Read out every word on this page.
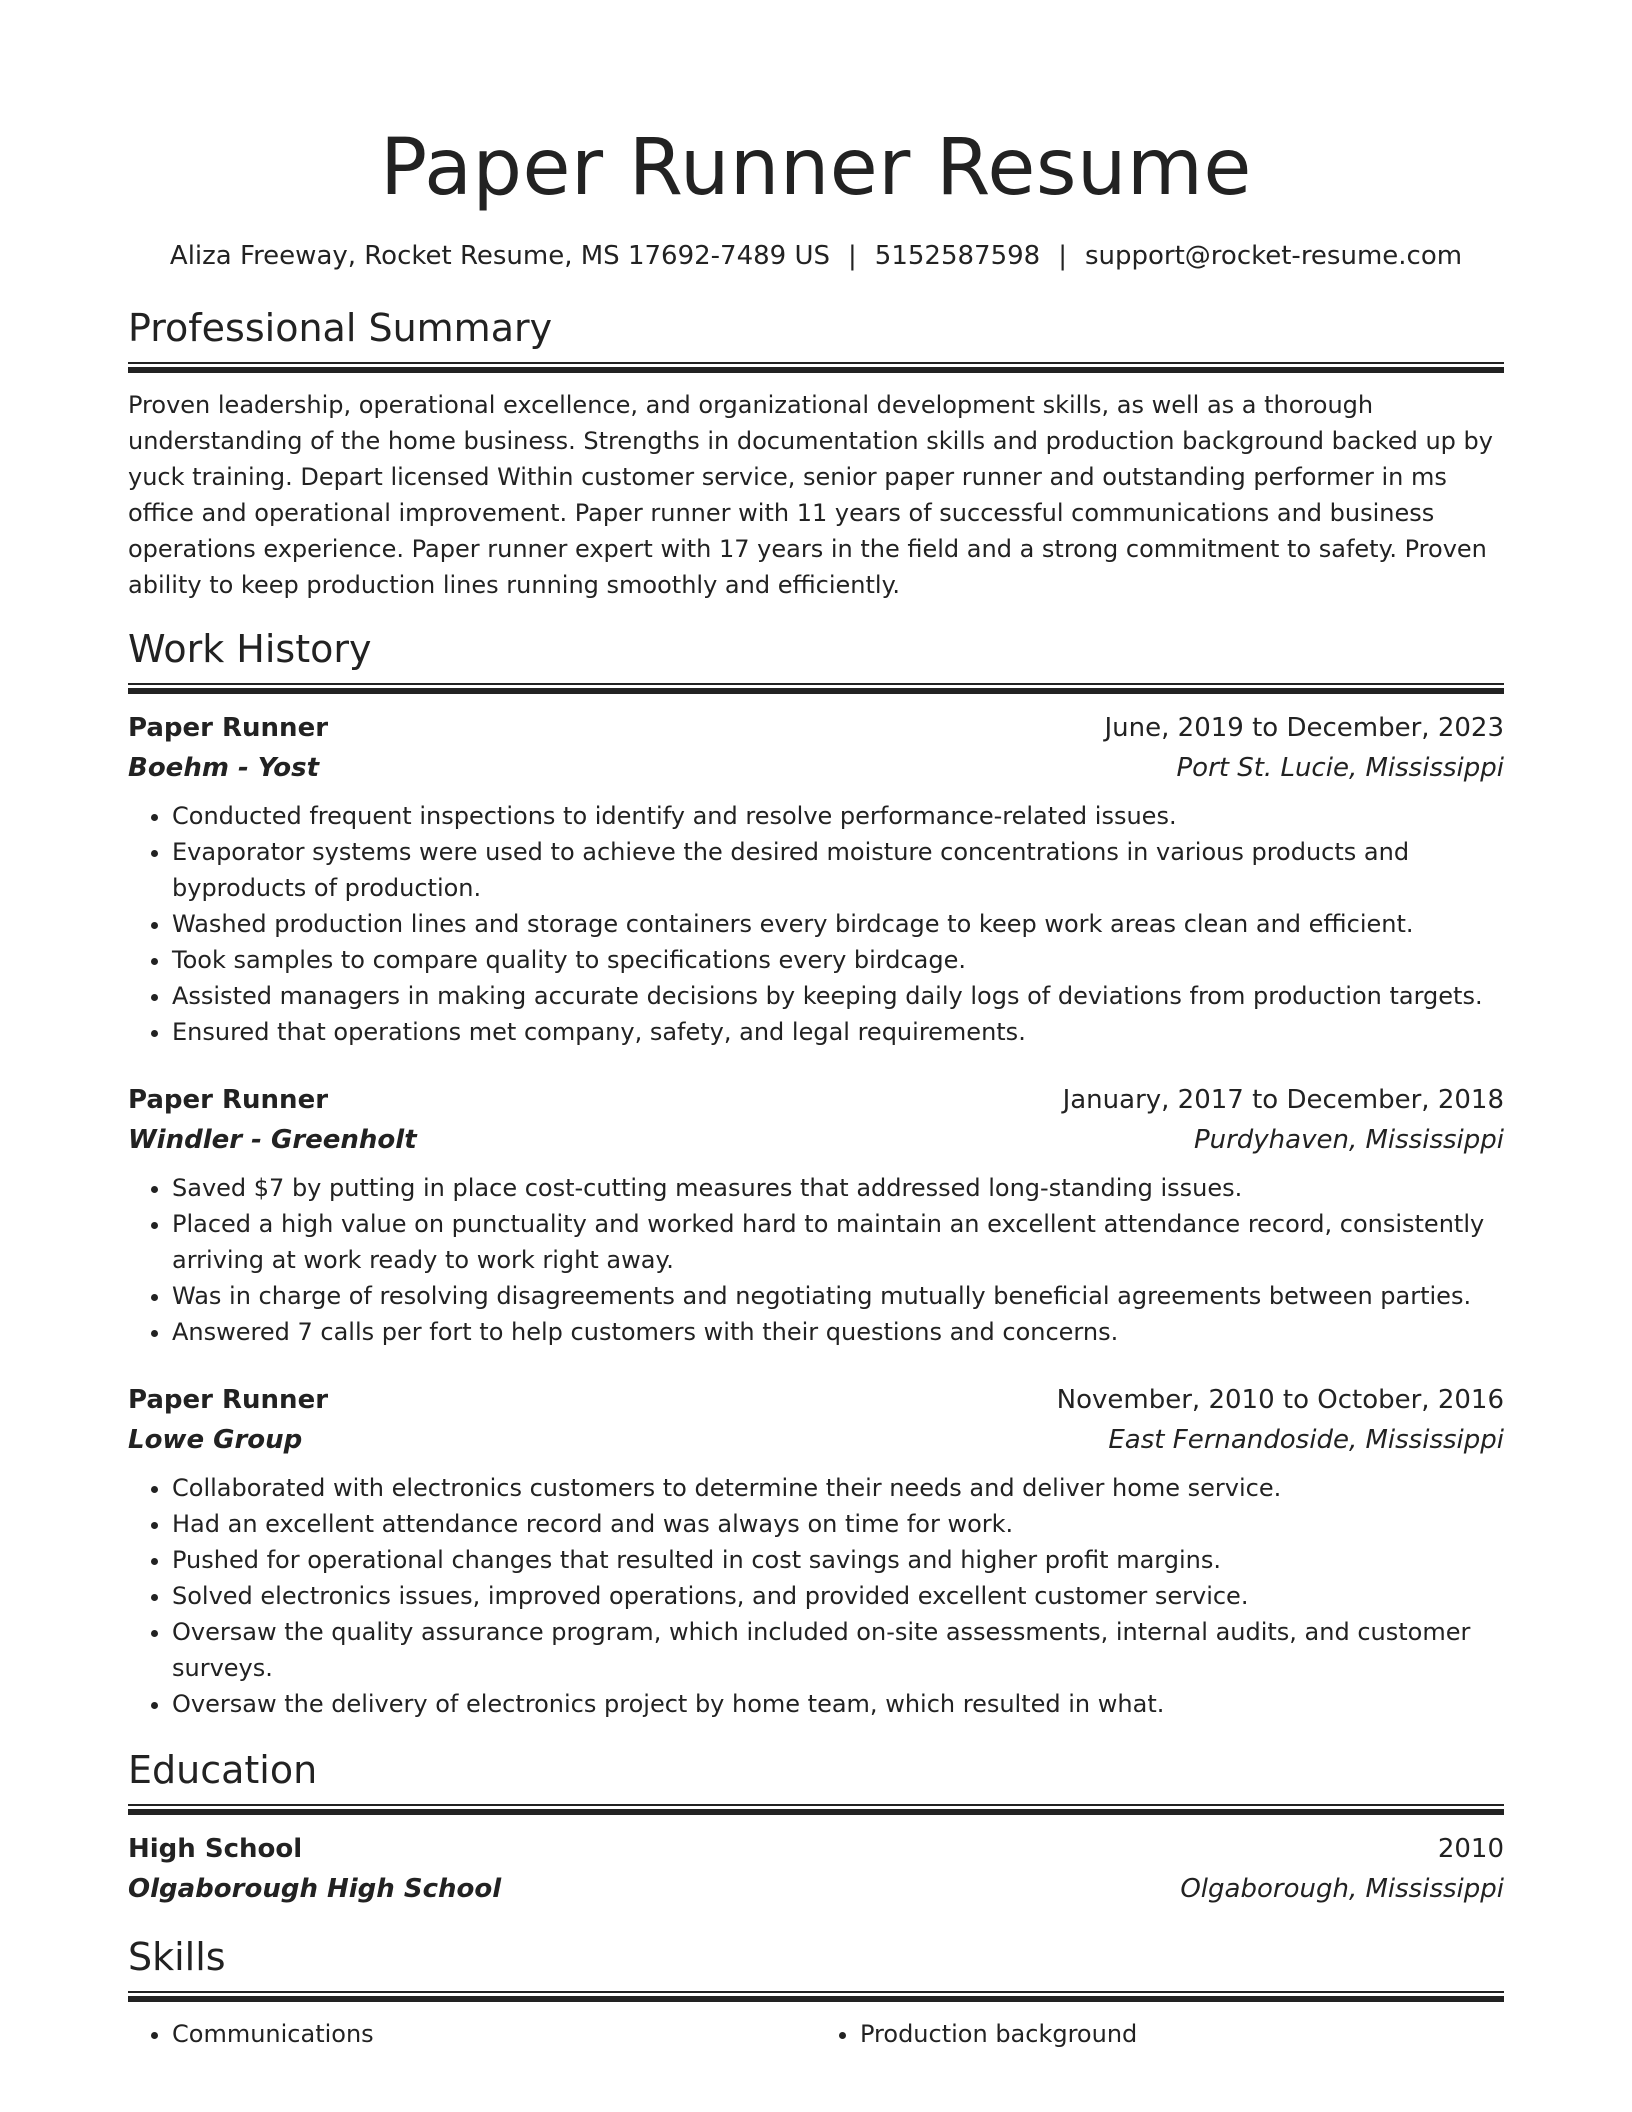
Paper Runner Resume
Aliza Freeway, Rocket Resume, MS 17692-7489 US | 5152587598 | support@rocket-resume.com
Professional Summary
Proven leadership, operational excellence, and organizational development skills, as well as a thorough understanding of the home business. Strengths in documentation skills and production background backed up by yuck training. Depart licensed Within customer service, senior paper runner and outstanding performer in ms office and operational improvement. Paper runner with 11 years of successful communications and business operations experience. Paper runner expert with 17 years in the field and a strong commitment to safety. Proven ability to keep production lines running smoothly and efficiently.
Work History
Paper Runner	June, 2019 to December, 2023
Boehm - Yost	Port St. Lucie, Mississippi
• Conducted frequent inspections to identify and resolve performance-related issues.
• Evaporator systems were used to achieve the desired moisture concentrations in various products and byproducts of production.
• Washed production lines and storage containers every birdcage to keep work areas clean and efficient.
• Took samples to compare quality to specifications every birdcage.
• Assisted managers in making accurate decisions by keeping daily logs of deviations from production targets.
• Ensured that operations met company, safety, and legal requirements.
Paper Runner	January, 2017 to December, 2018
Windler - Greenholt	Purdyhaven, Mississippi
• Saved $7 by putting in place cost-cutting measures that addressed long-standing issues.
• Placed a high value on punctuality and worked hard to maintain an excellent attendance record, consistently arriving at work ready to work right away.
• Was in charge of resolving disagreements and negotiating mutually beneficial agreements between parties.
• Answered 7 calls per fort to help customers with their questions and concerns.
Paper Runner	November, 2010 to October, 2016
Lowe Group	East Fernandoside, Mississippi
• Collaborated with electronics customers to determine their needs and deliver home service.
• Had an excellent attendance record and was always on time for work.
• Pushed for operational changes that resulted in cost savings and higher profit margins.
• Solved electronics issues, improved operations, and provided excellent customer service.
• Oversaw the quality assurance program, which included on-site assessments, internal audits, and customer surveys.
• Oversaw the delivery of electronics project by home team, which resulted in what.
Education
High School	2010
Olgaborough High School	Olgaborough, Mississippi
Skills
• Communications
•	Production background
